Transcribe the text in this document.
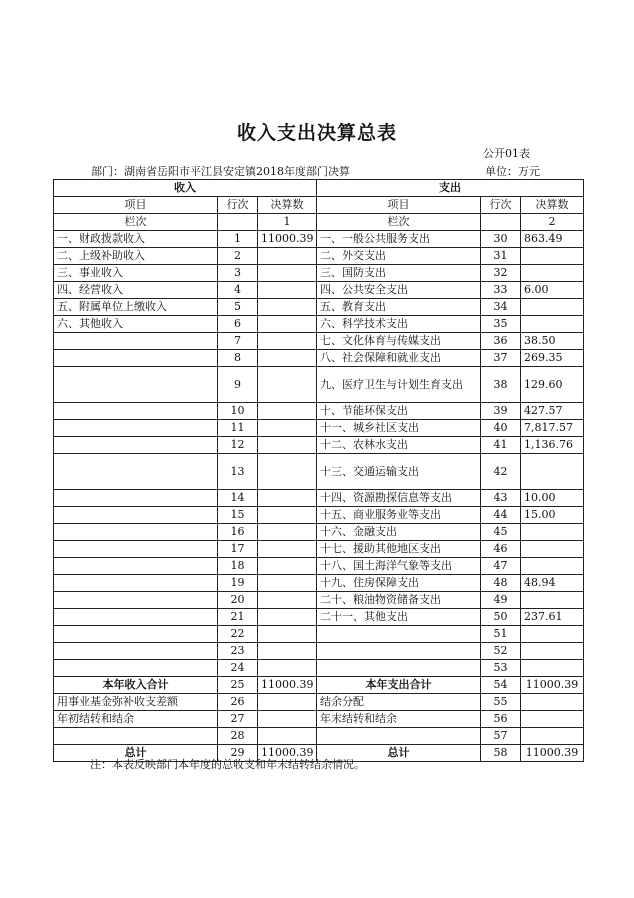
收入支出决算总表
公开01表
部门：湖南省岳阳市平江县安定镇2018年度部门决算	单位：万元
收入			支出		
项目	行次	决算数	项目	行次	决算数
栏次		1	栏次		2
一、财政拨款收入	1	11000.39	一、一般公共服务支出	30	863.49
二、上级补助收入	2		二、外交支出	31	
三、事业收入	3		三、国防支出	32	
四、经营收入	4		四、公共安全支出	33	6.00
五、附属单位上缴收入	5		五、教育支出	34	
六、其他收入	6		六、科学技术支出	35	
	7		七、文化体育与传媒支出	36	38.50
	8		八、社会保障和就业支出	37	269.35
	9		九、医疗卫生与计划生育支出	38	129.60
	10		十、节能环保支出	39	427.57
	11		十一、城乡社区支出	40	7,817.57
	12		十二、农林水支出	41	1,136.76
	13		十三、交通运输支出	42	
	14		十四、资源勘探信息等支出	43	10.00
	15		十五、商业服务业等支出	44	15.00
	16		十六、金融支出	45	
	17		十七、援助其他地区支出	46	
	18		十八、国土海洋气象等支出	47	
	19		十九、住房保障支出	48	48.94
	20		二十、粮油物资储备支出	49	
	21		二十一、其他支出	50	237.61
	22			51	
	23			52	
	24			53	
本年收入合计	25	11000.39	本年支出合计	54	11000.39
用事业基金弥补收支差额	26		结余分配	55	
年初结转和结余	27		年末结转和结余	56	
	28			57	
总计	29	11000.39	总计	58	11000.39
注：本表反映部门本年度的总收支和年末结转结余情况。
